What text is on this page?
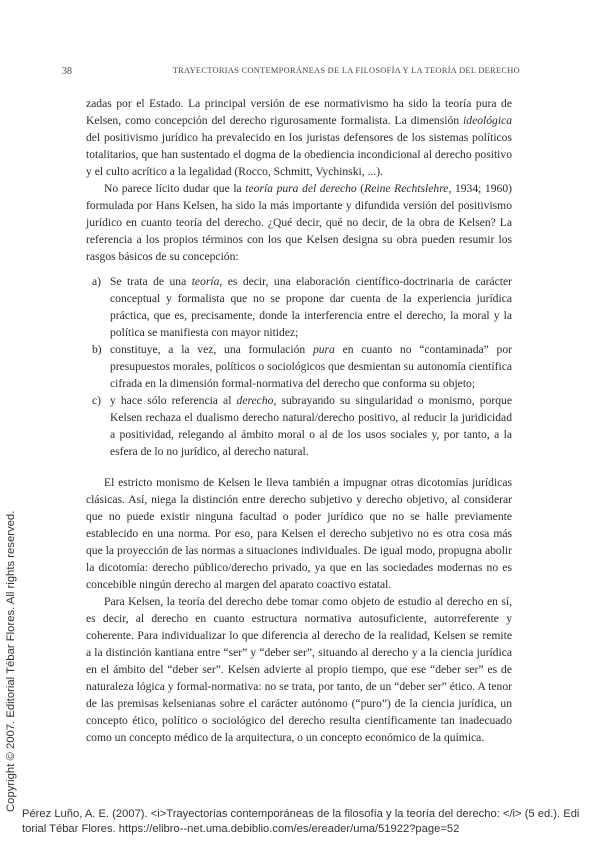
38	TRAYECTORIAS CONTEMPORÁNEAS DE LA FILOSOFÍA Y LA TEORÍA DEL DERECHO

zadas por el Estado. La principal versión de ese normativismo ha sido la teoría pura de Kelsen, como concepción del derecho rigurosamente formalista. La dimensión ideológica del positivismo jurídico ha prevalecido en los juristas defensores de los sistemas políticos totalitarios, que han sustentado el dogma de la obediencia incondicional al derecho positivo y el culto acrítico a la legalidad (Rocco, Schmitt, Vychinski, ...).

No parece lícito dudar que la teoría pura del derecho (Reine Rechtslehre, 1934; 1960) formulada por Hans Kelsen, ha sido la más importante y difundida versión del positivismo jurídico en cuanto teoría del derecho. ¿Qué decir, qué no decir, de la obra de Kelsen? La referencia a los propios términos con los que Kelsen designa su obra pueden resumir los rasgos básicos de su concepción:

a) Se trata de una teoría, es decir, una elaboración científico-doctrinaria de carácter conceptual y formalista que no se propone dar cuenta de la experiencia jurídica práctica, que es, precisamente, donde la interferencia entre el derecho, la moral y la política se manifiesta con mayor nitidez;
b) constituye, a la vez, una formulación pura en cuanto no “contaminada” por presupuestos morales, políticos o sociológicos que desmientan su autonomía científica cifrada en la dimensión formal-normativa del derecho que conforma su objeto;
c) y hace sólo referencia al derecho, subrayando su singularidad o monismo, porque Kelsen rechaza el dualismo derecho natural/derecho positivo, al reducir la juridicidad a positividad, relegando al ámbito moral o al de los usos sociales y, por tanto, a la esfera de lo no jurídico, al derecho natural.

El estricto monismo de Kelsen le lleva también a impugnar otras dicotomías jurídicas clásicas. Así, niega la distinción entre derecho subjetivo y derecho objetivo, al considerar que no puede existir ninguna facultad o poder jurídico que no se halle previamente establecido en una norma. Por eso, para Kelsen el derecho subjetivo no es otra cosa más que la proyección de las normas a situaciones individuales. De igual modo, propugna abolir la dicotomía: derecho público/derecho privado, ya que en las sociedades modernas no es concebible ningún derecho al margen del aparato coactivo estatal.

Para Kelsen, la teoría del derecho debe tomar como objeto de estudio al derecho en sí, es decir, al derecho en cuanto estructura normativa autosuficiente, autorreferente y coherente. Para individualizar lo que diferencia al derecho de la realidad, Kelsen se remite a la distinción kantiana entre “ser” y “deber ser”, situando al derecho y a la ciencia jurídica en el ámbito del “deber ser”. Kelsen advierte al propio tiempo, que ese “deber ser” es de naturaleza lógica y formal-normativa: no se trata, por tanto, de un “deber ser” ético. A tenor de las premisas kelsenianas sobre el carácter autónomo (“puro”) de la ciencia jurídica, un concepto ético, político o sociológico del derecho resulta científicamente tan inadecuado como un concepto médico de la arquitectura, o un concepto económico de la química.

Copyright © 2007. Editorial Tébar Flores. All rights reserved.
Pérez Luño, A. E. (2007). <i>Trayectorias contemporáneas de la filosofía y la teoría del derecho: </i> (5 ed.). Editorial Tébar Flores. https://elibro--net.uma.debiblio.com/es/ereader/uma/51922?page=52
